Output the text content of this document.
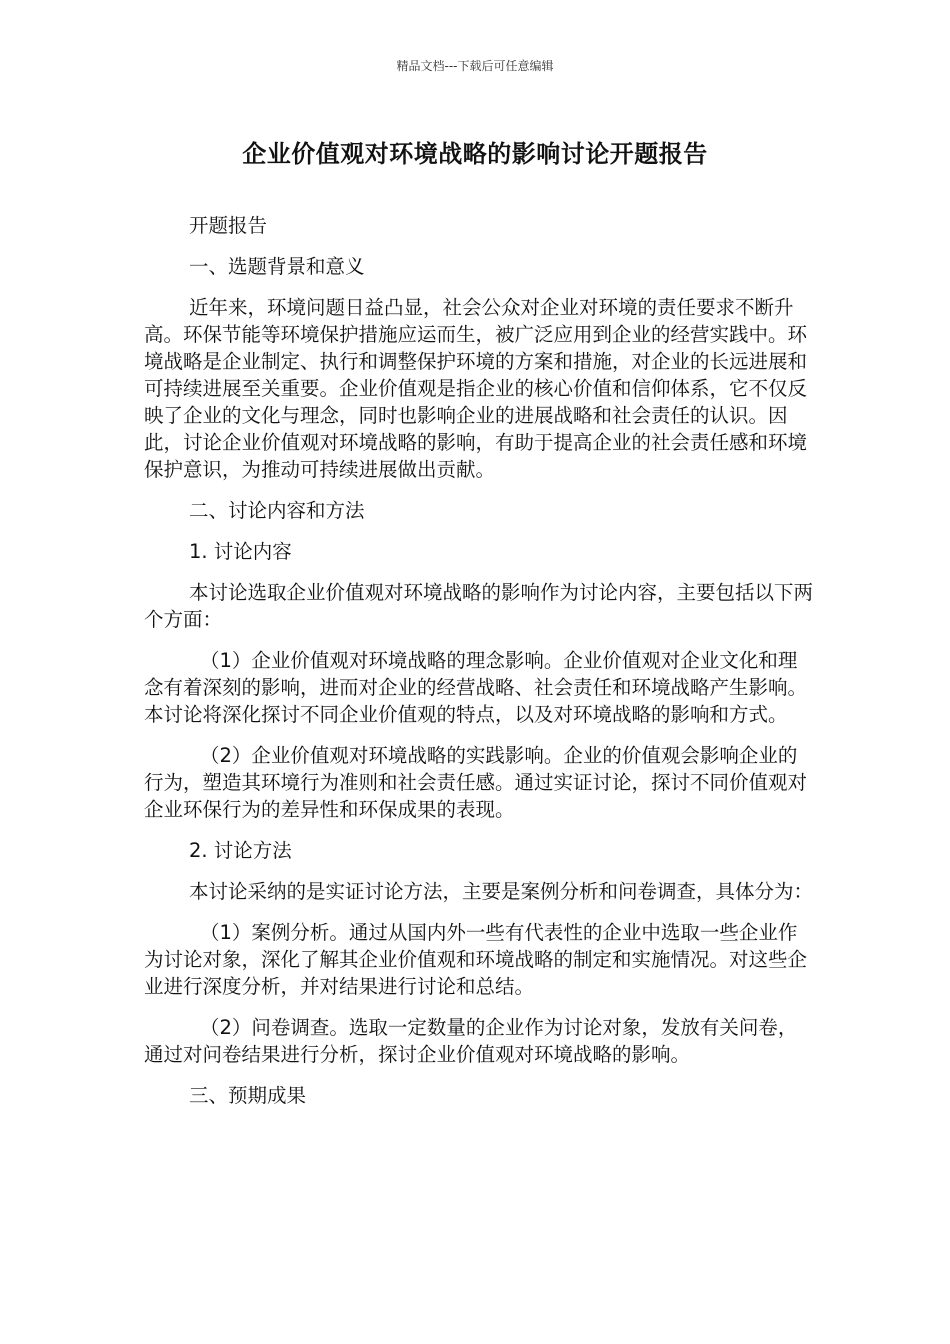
精品文档---下载后可任意编辑
企业价值观对环境战略的影响讨论开题报告

开题报告

一、选题背景和意义

近年来，环境问题日益凸显，社会公众对企业对环境的责任要求不断升高。环保节能等环境保护措施应运而生，被广泛应用到企业的经营实践中。环境战略是企业制定、执行和调整保护环境的方案和措施，对企业的长远进展和可持续进展至关重要。企业价值观是指企业的核心价值和信仰体系，它不仅反映了企业的文化与理念，同时也影响企业的进展战略和社会责任的认识。因此，讨论企业价值观对环境战略的影响，有助于提高企业的社会责任感和环境保护意识，为推动可持续进展做出贡献。

二、讨论内容和方法

1. 讨论内容

本讨论选取企业价值观对环境战略的影响作为讨论内容，主要包括以下两个方面：

（1）企业价值观对环境战略的理念影响。企业价值观对企业文化和理念有着深刻的影响，进而对企业的经营战略、社会责任和环境战略产生影响。本讨论将深化探讨不同企业价值观的特点，以及对环境战略的影响和方式。

（2）企业价值观对环境战略的实践影响。企业的价值观会影响企业的行为，塑造其环境行为准则和社会责任感。通过实证讨论，探讨不同价值观对企业环保行为的差异性和环保成果的表现。

2. 讨论方法

本讨论采纳的是实证讨论方法，主要是案例分析和问卷调查，具体分为：

（1）案例分析。通过从国内外一些有代表性的企业中选取一些企业作为讨论对象，深化了解其企业价值观和环境战略的制定和实施情况。对这些企业进行深度分析，并对结果进行讨论和总结。

（2）问卷调查。选取一定数量的企业作为讨论对象，发放有关问卷，通过对问卷结果进行分析，探讨企业价值观对环境战略的影响。

三、预期成果
